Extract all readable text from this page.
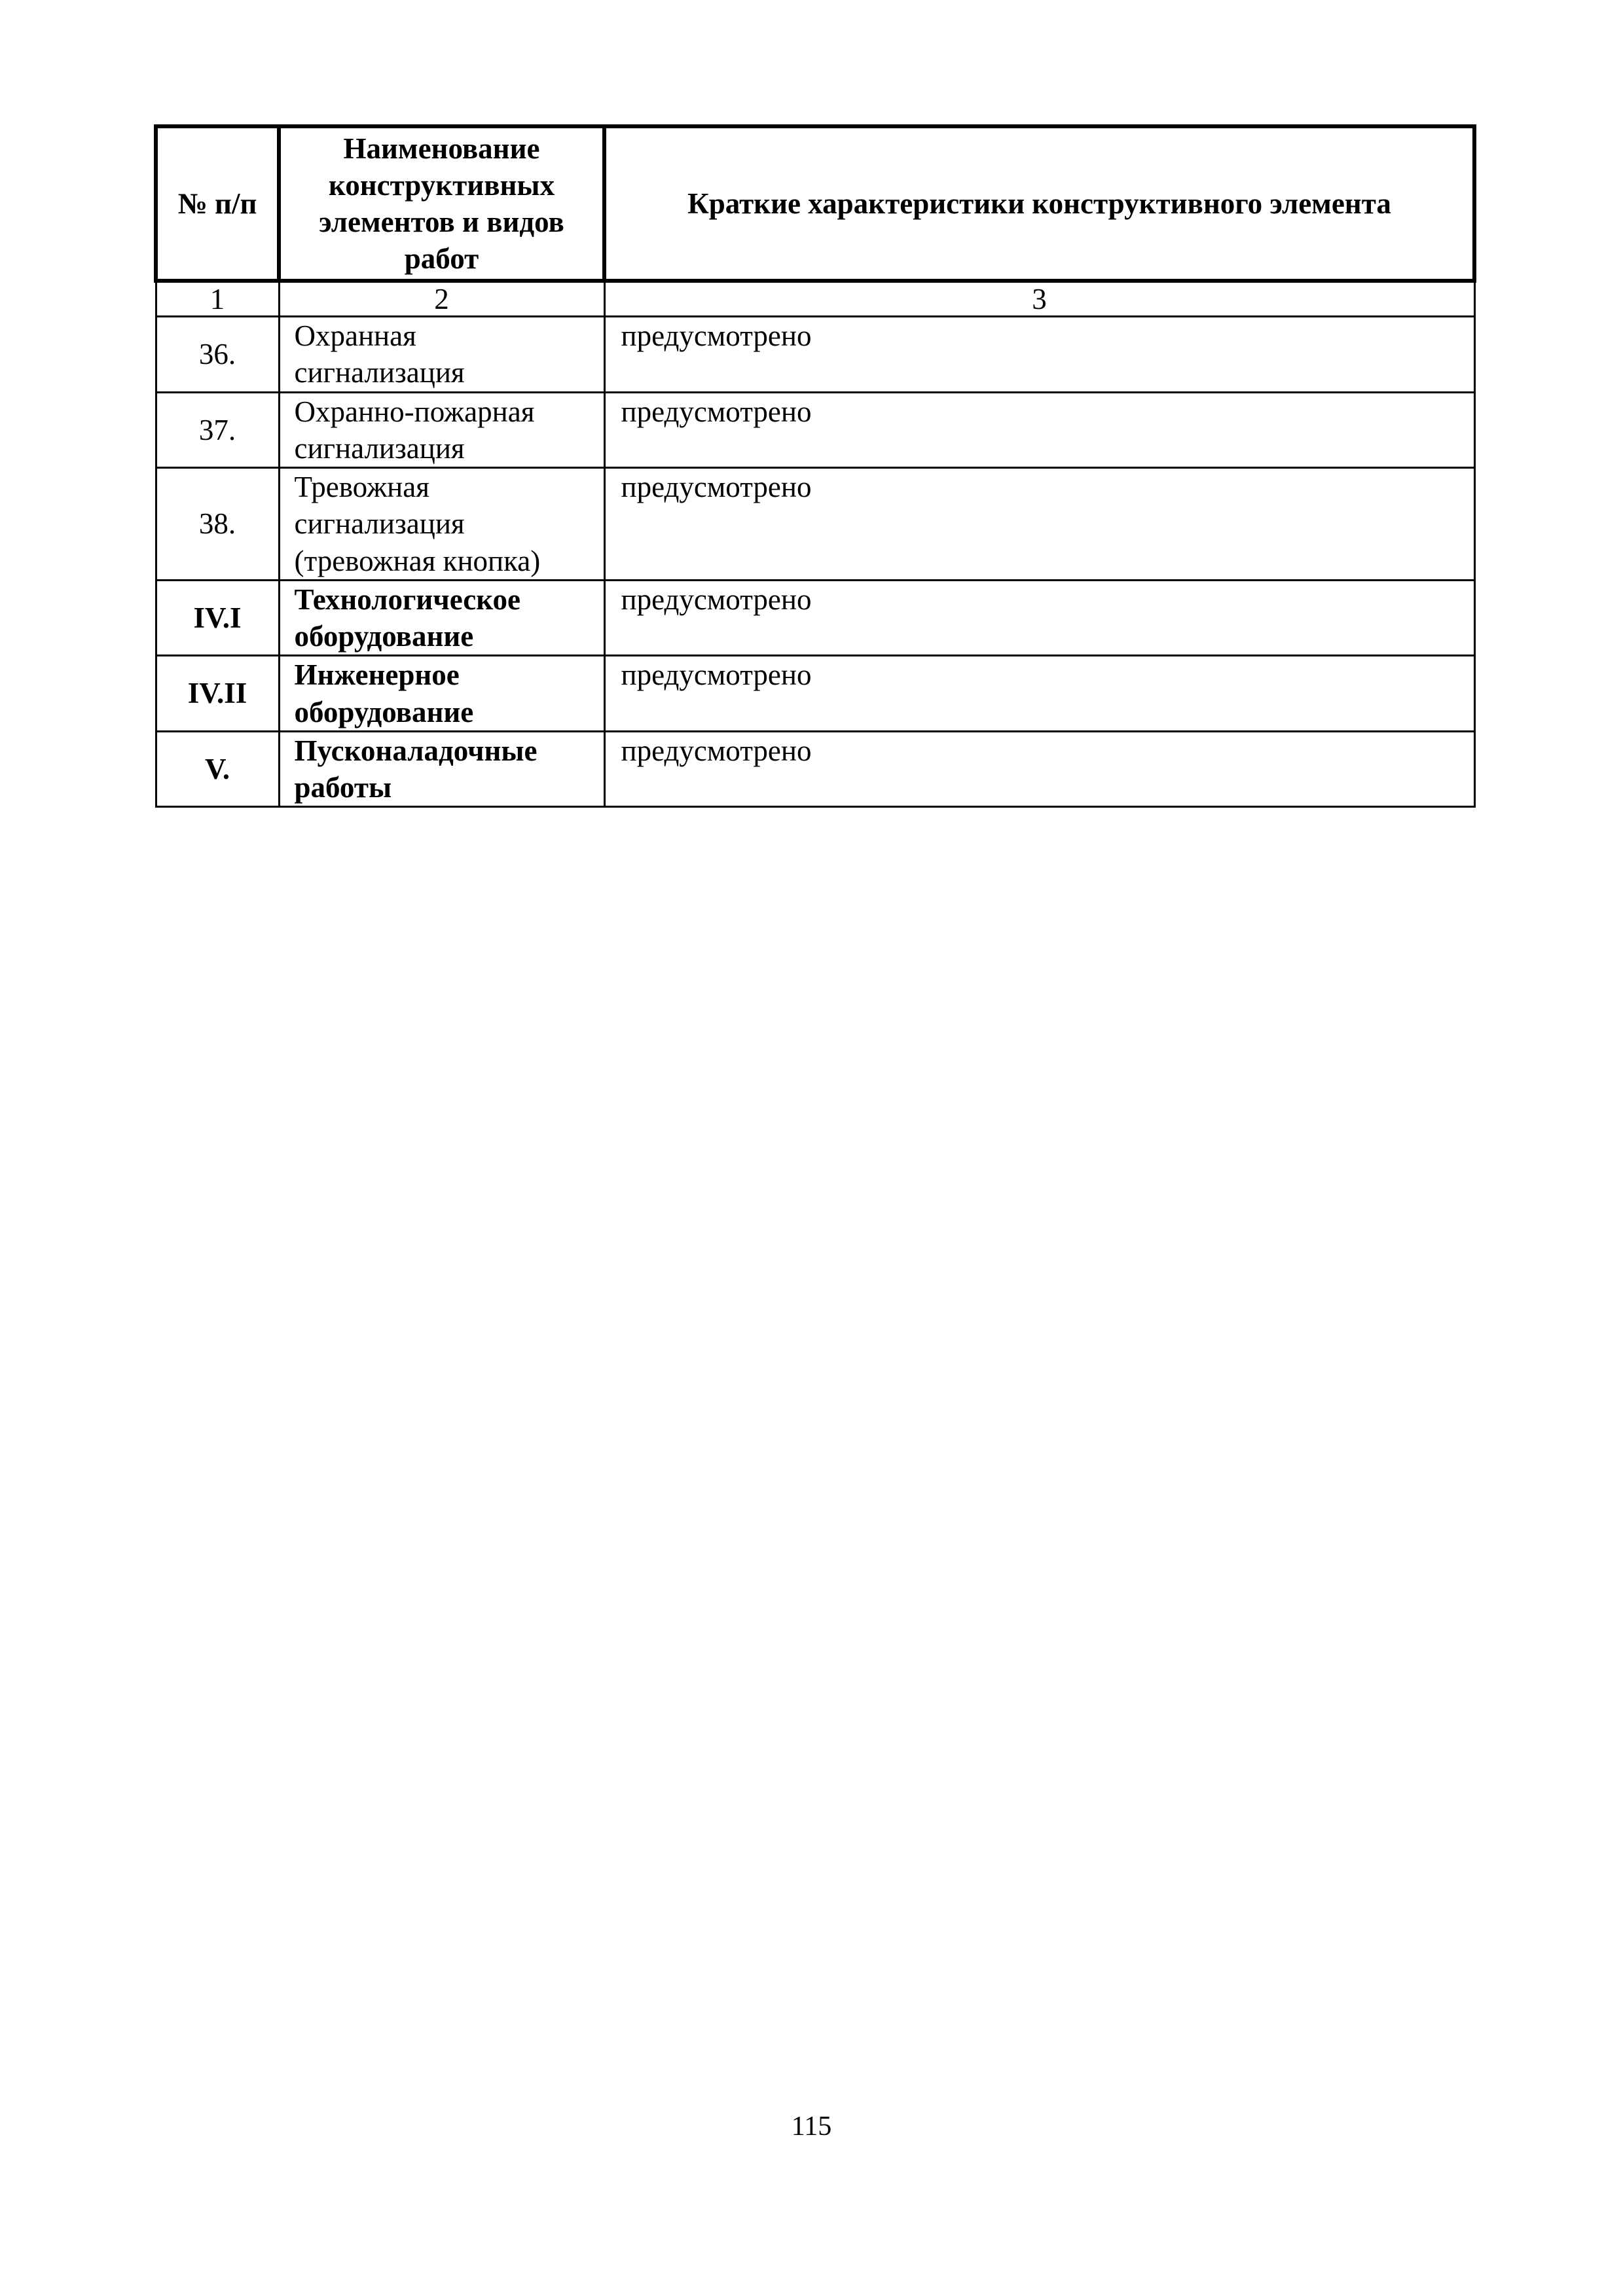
№ п/п	Наименование конструктивных элементов и видов работ	Краткие характеристики конструктивного элемента
1	2	3
36.	Охранная сигнализация	предусмотрено
37.	Охранно-пожарная сигнализация	предусмотрено
38.	Тревожная сигнализация (тревожная кнопка)	предусмотрено
IV.I	Технологическое оборудование	предусмотрено
IV.II	Инженерное оборудование	предусмотрено
V.	Пусконаладочные работы	предусмотрено
115
